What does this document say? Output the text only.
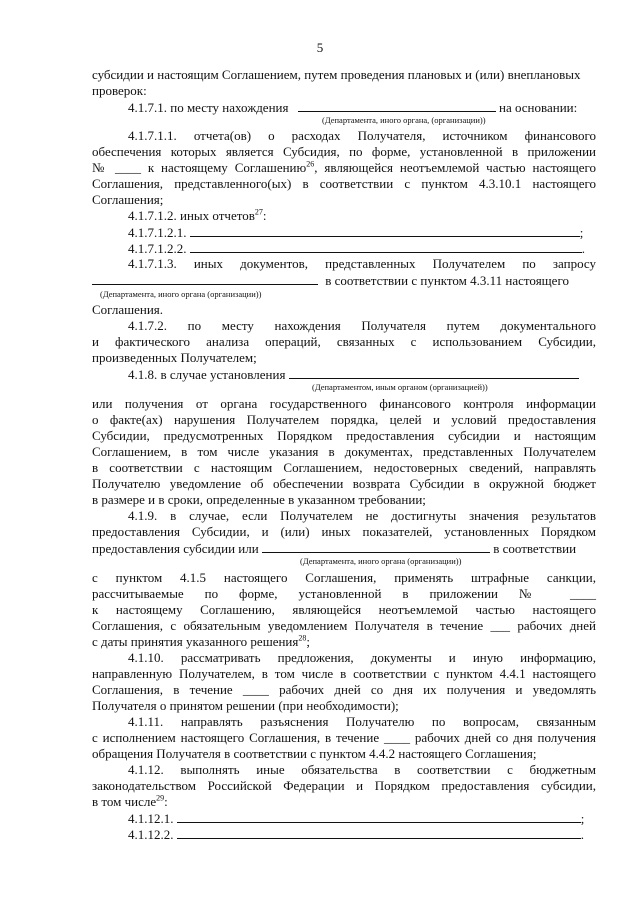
5
субсидии и настоящим Соглашением, путем проведения плановых и (или) внеплановых
проверок:
4.1.7.1. по месту нахождения	на основании:
(Департамента, иного органа, (организации))
4.1.7.1.1. отчета(ов) о расходах Получателя, источником финансового
обеспечения которых является Субсидия, по форме, установленной в приложении
№ ____ к настоящему Соглашению$^{26}$, являющейся неотъемлемой частью настоящего
Соглашения, представленного(ых) в соответствии с пунктом 4.3.10.1 настоящего
Соглашения;
4.1.7.1.2. иных отчетов$^{27}$:
4.1.7.1.2.1.	;
4.1.7.1.2.2.	.
4.1.7.1.3. иных документов, представленных Получателем по запросу
в соответствии с пунктом 4.3.11 настоящего
(Департамента, иного органа (организации))
Соглашения.
4.1.7.2. по месту нахождения Получателя путем документального
и фактического анализа операций, связанных с использованием Субсидии,
произведенных Получателем;
4.1.8. в случае установления
(Департаментом, иным органом (организацией))
или получения от органа государственного финансового контроля информации
о факте(ах) нарушения Получателем порядка, целей и условий предоставления
Субсидии, предусмотренных Порядком предоставления субсидии и настоящим
Соглашением, в том числе указания в документах, представленных Получателем
в соответствии с настоящим Соглашением, недостоверных сведений, направлять
Получателю уведомление об обеспечении возврата Субсидии в окружной бюджет
в размере и в сроки, определенные в указанном требовании;
4.1.9. в случае, если Получателем не достигнуты значения результатов
предоставления Субсидии, и (или) иных показателей, установленных Порядком
предоставления субсидии или	в соответствии
(Департамента, иного органа (организации))
с пунктом 4.1.5 настоящего Соглашения, применять штрафные санкции,
рассчитываемые по форме, установленной в приложении № ____
к настоящему Соглашению, являющейся неотъемлемой частью настоящего
Соглашения, с обязательным уведомлением Получателя в течение ___ рабочих дней
с даты принятия указанного решения$^{28}$;
4.1.10. рассматривать предложения, документы и иную информацию,
направленную Получателем, в том числе в соответствии с пунктом 4.4.1 настоящего
Соглашения, в течение ____ рабочих дней со дня их получения и уведомлять
Получателя о принятом решении (при необходимости);
4.1.11. направлять разъяснения Получателю по вопросам, связанным
с исполнением настоящего Соглашения, в течение ____ рабочих дней со дня получения
обращения Получателя в соответствии с пунктом 4.4.2 настоящего Соглашения;
4.1.12. выполнять иные обязательства в соответствии с бюджетным
законодательством Российской Федерации и Порядком предоставления субсидии,
в том числе$^{29}$:
4.1.12.1.	;
4.1.12.2.	.
